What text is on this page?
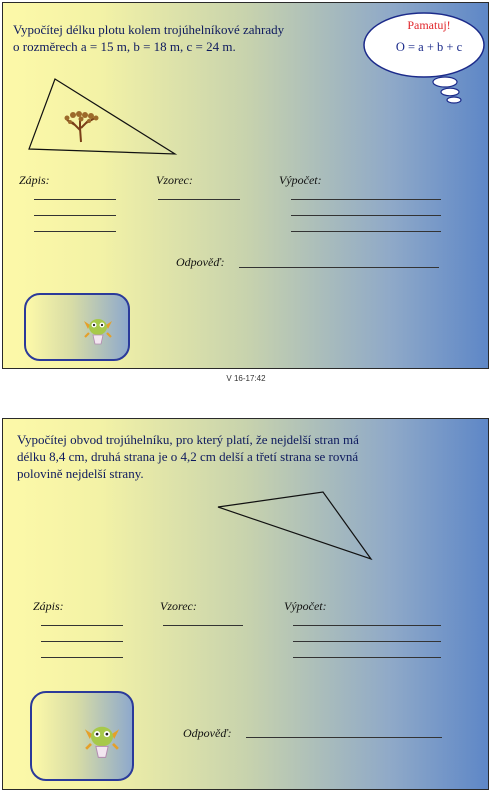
Vypočítej délku plotu kolem trojúhelníkové zahrady
o rozměrech a = 15 m, b = 18 m, c = 24 m.
Pamatuj!
O = a + b + c
Zápis:	Vzorec:	Výpočet:
Odpověď:
V 16-17:42
Vypočítej obvod trojúhelníku, pro který platí, že nejdelší stran má
délku 8,4 cm, druhá strana je o 4,2 cm delší a třetí strana se rovná
polovině nejdelší strany.
Zápis:	Vzorec:	Výpočet:
Odpověď:
